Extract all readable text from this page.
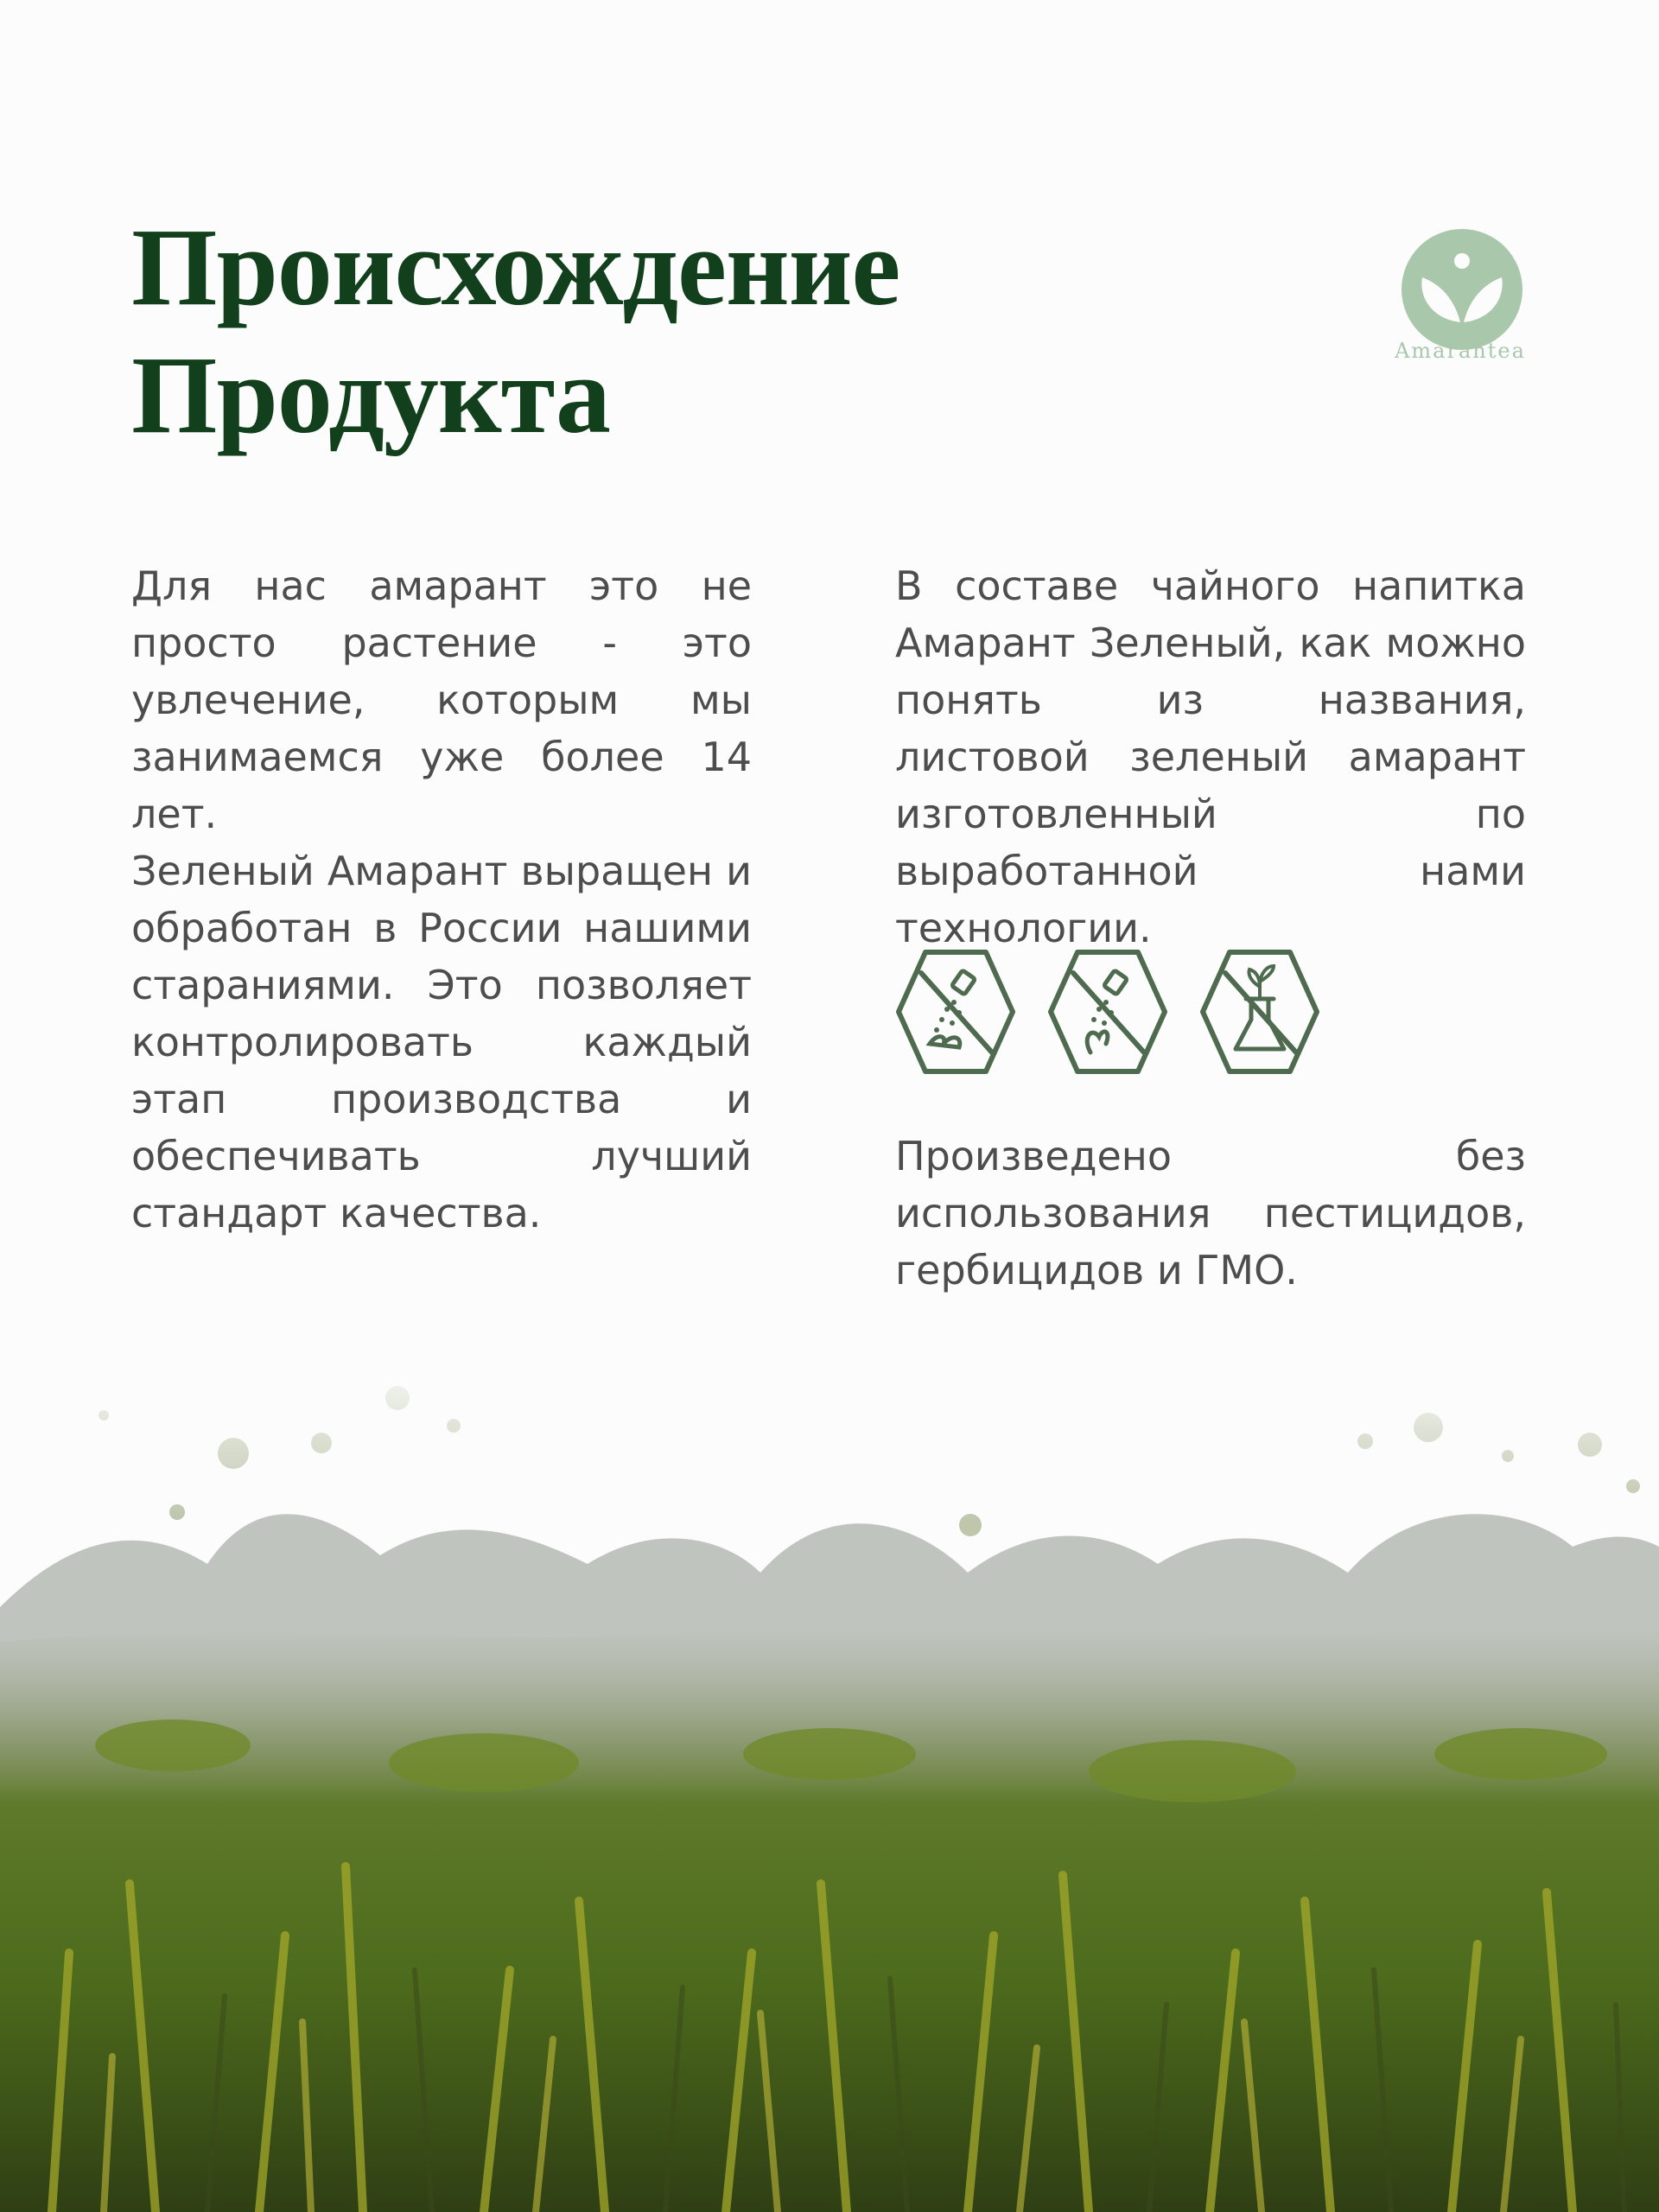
Происхождение
Продукта	Amarantea

Для нас амарант это не просто растение - это увлечение, которым мы занимаемся уже более 14 лет.

Зеленый Амарант выращен и обработан в России нашими стараниями. Это позволяет контролировать каждый этап производства и обеспечивать лучший стандарт качества.

В составе чайного напитка Амарант Зеленый, как можно понять из названия, листовой зеленый амарант изготовленный по выработанной нами технологии.

Произведено без использования пестицидов, гербицидов и ГМО.
